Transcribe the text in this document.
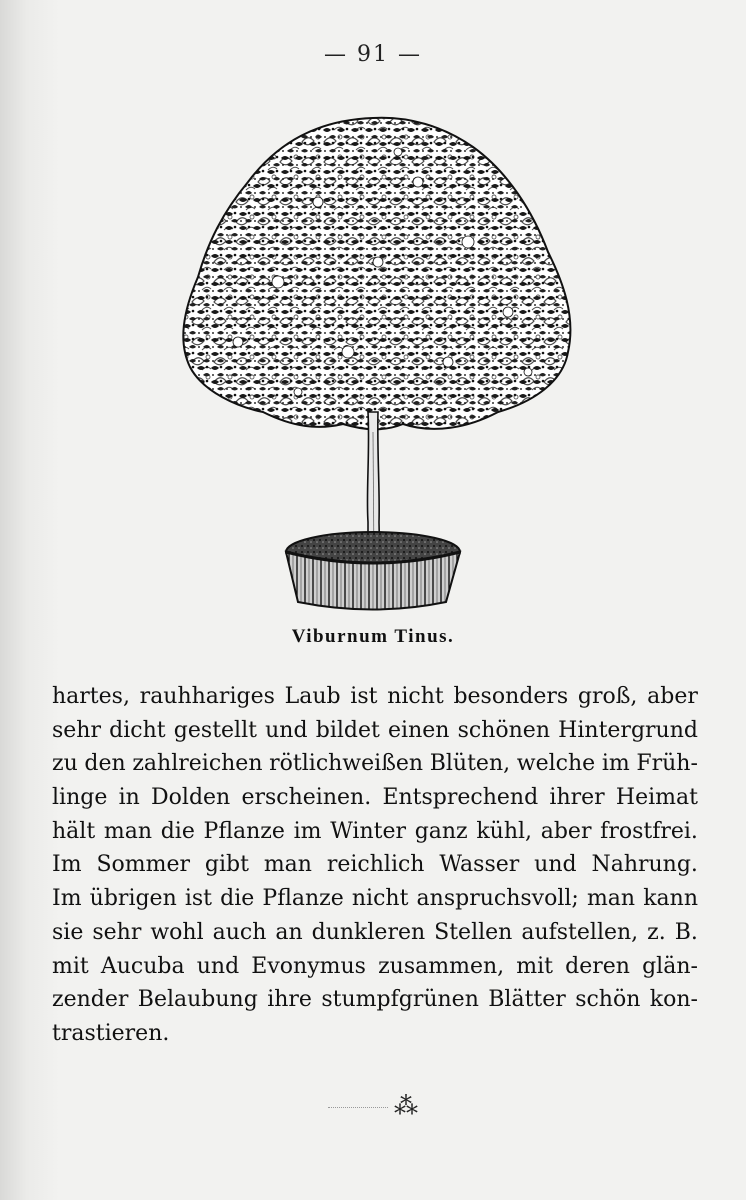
— 91 —
Viburnum Tinus.
hartes, rauhhariges Laub ist nicht besonders groß, aber
sehr dicht gestellt und bildet einen schönen Hintergrund
zu den zahlreichen rötlichweißen Blüten, welche im Früh-
linge in Dolden erscheinen. Entsprechend ihrer Heimat
hält man die Pflanze im Winter ganz kühl, aber frostfrei.
Im Sommer gibt man reichlich Wasser und Nahrung.
Im übrigen ist die Pflanze nicht anspruchsvoll; man kann
sie sehr wohl auch an dunkleren Stellen aufstellen, z. B.
mit Aucuba und Evonymus zusammen, mit deren glän-
zender Belaubung ihre stumpfgrünen Blätter schön kon-
trastieren.
⁂
